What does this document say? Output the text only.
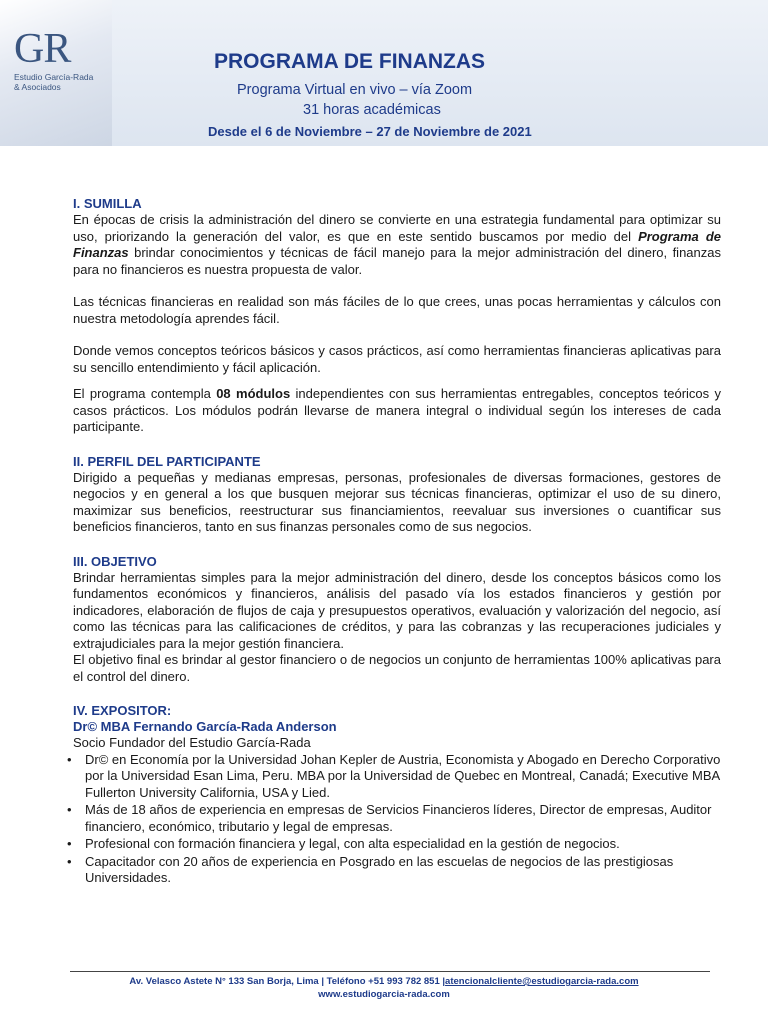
GR
Estudio García-Rada
& Asociados
PROGRAMA DE FINANZAS
Programa Virtual en vivo – vía Zoom
31 horas académicas
Desde el 6 de Noviembre – 27 de Noviembre de 2021
I. SUMILLA

En épocas de crisis la administración del dinero se convierte en una estrategia fundamental para optimizar su uso, priorizando la generación del valor, es que en este sentido buscamos por medio del Programa de Finanzas brindar conocimientos y técnicas de fácil manejo para la mejor administración del dinero, finanzas para no financieros es nuestra propuesta de valor.

Las técnicas financieras en realidad son más fáciles de lo que crees, unas pocas herramientas y cálculos con nuestra metodología aprendes fácil.

Donde vemos conceptos teóricos básicos y casos prácticos, así como herramientas financieras aplicativas para su sencillo entendimiento y fácil aplicación.

El programa contempla 08 módulos independientes con sus herramientas entregables, conceptos teóricos y casos prácticos. Los módulos podrán llevarse de manera integral o individual según los intereses de cada participante.

II. PERFIL DEL PARTICIPANTE

Dirigido a pequeñas y medianas empresas, personas, profesionales de diversas formaciones, gestores de negocios y en general a los que busquen mejorar sus técnicas financieras, optimizar el uso de su dinero, maximizar sus beneficios, reestructurar sus financiamientos, reevaluar sus inversiones o cuantificar sus beneficios financieros, tanto en sus finanzas personales como de sus negocios.

III. OBJETIVO

Brindar herramientas simples para la mejor administración del dinero, desde los conceptos básicos como los fundamentos económicos y financieros, análisis del pasado vía los estados financieros y gestión por indicadores, elaboración de flujos de caja y presupuestos operativos, evaluación y valorización del negocio, así como las técnicas para las calificaciones de créditos, y para las cobranzas y las recuperaciones judiciales y extrajudiciales para la mejor gestión financiera.

El objetivo final es brindar al gestor financiero o de negocios un conjunto de herramientas 100% aplicativas para el control del dinero.

IV. EXPOSITOR:
Dr© MBA Fernando García-Rada Anderson

Socio Fundador del Estudio García-Rada

• Dr© en Economía por la Universidad Johan Kepler de Austria, Economista y Abogado en Derecho Corporativo por la Universidad Esan Lima, Peru. MBA por la Universidad de Quebec en Montreal, Canadá; Executive MBA Fullerton University California, USA y Lied.
• Más de 18 años de experiencia en empresas de Servicios Financieros líderes, Director de empresas, Auditor financiero, económico, tributario y legal de empresas.
• Profesional con formación financiera y legal, con alta especialidad en la gestión de negocios.
• Capacitador con 20 años de experiencia en Posgrado en las escuelas de negocios de las prestigiosas Universidades.
Av. Velasco Astete N° 133 San Borja, Lima | Teléfono +51 993 782 851 |atencionalcliente@estudiogarcia-rada.com
www.estudiogarcia-rada.com
